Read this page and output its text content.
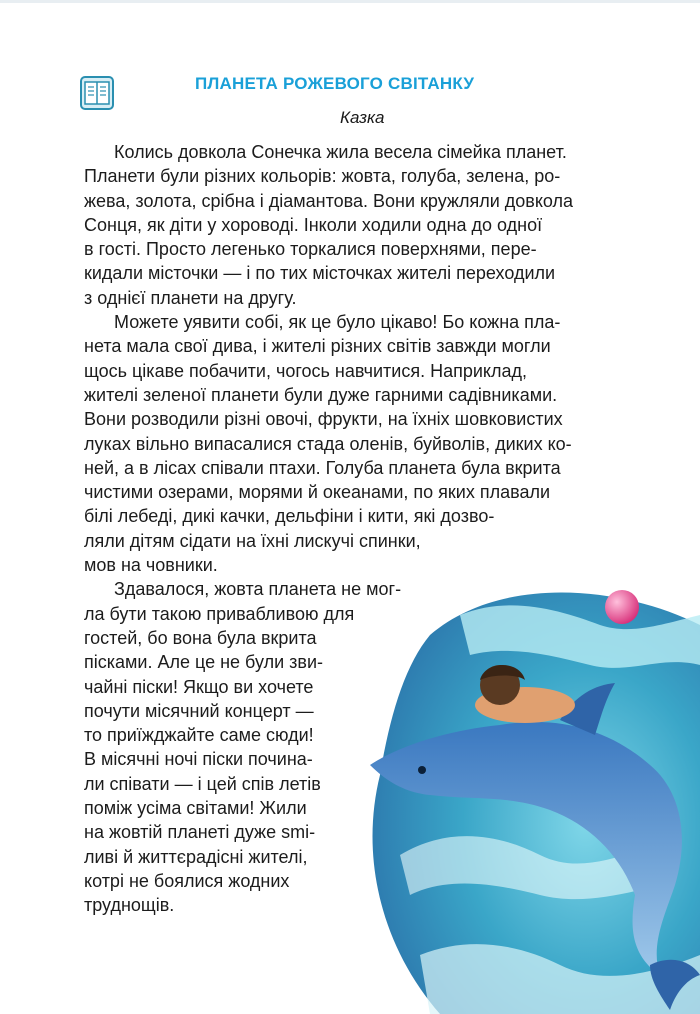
ПЛАНЕТА РОЖЕВОГО СВІТАНКУ
Казка
Колись довкола Сонечка жила весела сімейка планет.
Планети були різних кольорів: жовта, голуба, зелена, ро-
жева, золота, срібна і діамантова. Вони кружляли довкола
Сонця, як діти у хороводі. Інколи ходили одна до одної
в гості. Просто легенько торкалися поверхнями, пере-
кидали місточки — і по тих місточках жителі переходили
з однієї планети на другу.
Можете уявити собі, як це було цікаво! Бо кожна пла-
нета мала свої дива, і жителі різних світів завжди могли
щось цікаве побачити, чогось навчитися. Наприклад,
жителі зеленої планети були дуже гарними садівниками.
Вони розводили різні овочі, фрукти, на їхніх шовковистих
луках вільно випасалися стада оленів, буйволів, диких ко-
ней, а в лісах співали птахи. Голуба планета була вкрита
чистими озерами, морями й океанами, по яких плавали
білі лебеді, дикі качки, дельфіни і кити, які дозво-
ляли дітям сідати на їхні лискучі спинки,
мов на човники.
Здавалося, жовта планета не мог-
ла бути такою привабливою для
гостей, бо вона була вкрита
пісками. Але це не були зви-
чайні піски! Якщо ви хочете
почути місячний концерт —
то приїжджайте саме сюди!
В місячні ночі піски почина-
ли співати — і цей спів летів
поміж усіма світами! Жили
на жовтій планеті дуже smi-
ливі й життєрадісні жителі,
котрі не боялися жодних
труднощів.
